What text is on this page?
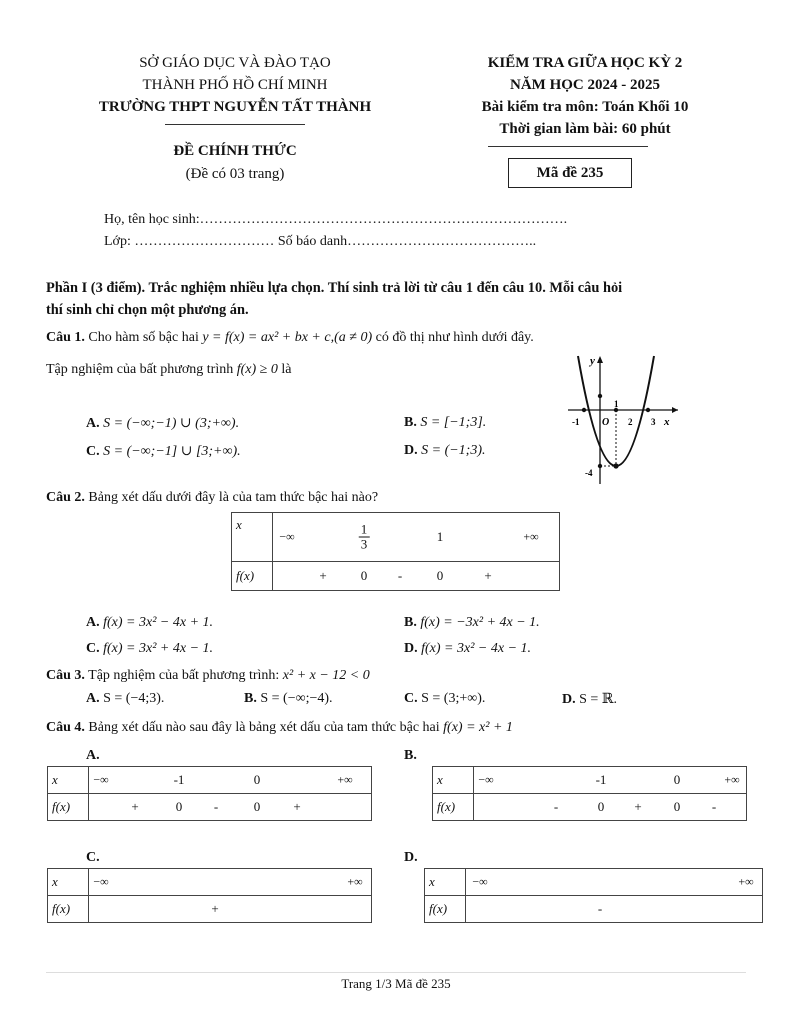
SỞ GIÁO DỤC VÀ ĐÀO TẠO
THÀNH PHỐ HỒ CHÍ MINH
TRƯỜNG THPT NGUYỄN TẤT THÀNH
ĐỀ CHÍNH THỨC
(Đề có 03 trang)
KIỂM TRA GIỮA HỌC KỲ 2
NĂM HỌC 2024 - 2025
Bài kiểm tra môn: Toán Khối 10
Thời gian làm bài: 60 phút
Mã đề 235
Họ, tên học sinh:…………………………………………………………………….
Lớp: ………………………… Số báo danh…………………………………..
Phần I (3 điểm). Trắc nghiệm nhiều lựa chọn. Thí sinh trả lời từ câu 1 đến câu 10. Mỗi câu hỏi
thí sinh chỉ chọn một phương án.
Câu 1. Cho hàm số bậc hai y = f(x) = ax² + bx + c,(a ≠ 0) có đồ thị như hình dưới đây.
Tập nghiệm của bất phương trình f(x) ≥ 0 là
A. S = (−∞;−1) ∪ (3;+∞).	B. S = [−1;3].
C. S = (−∞;−1] ∪ [3;+∞).	D. S = (−1;3).
y
x
O
-1	2 3
1
-4
Câu 2. Bảng xét dấu dưới đây là của tam thức bậc hai nào?
x	−∞ $\frac{1}{3} 1$ +∞

f(x)	+ 0 - 0 +
A. f(x) = 3x² − 4x + 1.	B. f(x) = −3x² + 4x − 1.
C. f(x) = 3x² + 4x − 1.	D. f(x) = 3x² − 4x − 1.
Câu 3. Tập nghiệm của bất phương trình: x² + x − 12 < 0
A. S = (−4;3).	B. S = (−∞;−4).	C. S = (3;+∞).	D. S = ℝ.
Câu 4. Bảng xét dấu nào sau đây là bảng xét dấu của tam thức bậc hai f(x) = x² + 1
A.
x	−∞ -1 0 +∞

f(x)	+ 0 - 0 +
B.
x	−∞ -1 0 +∞

f(x)	- 0 + 0 -
C.
x	−∞ +∞

f(x)	+
D.
x	−∞ +∞

f(x)	-
Trang 1/3 Mã đề 235
